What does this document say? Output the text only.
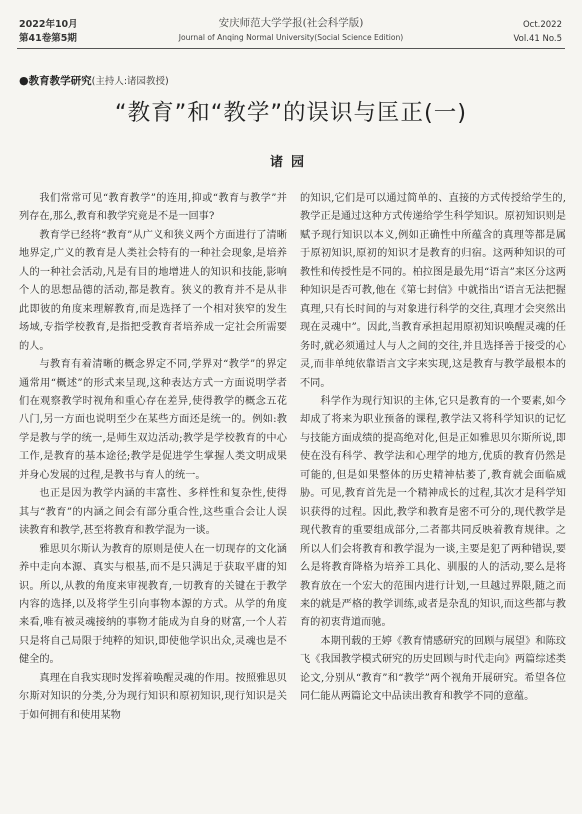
2022年10月
第41卷第5期
安庆师范大学学报(社会科学版)
Journal of Anqing Normal University(Social Science Edition)
Oct.2022
Vol.41 No.5
●教育教学研究(主持人:诸园教授)
“教育”和“教学”的误识与匡正(一)
诸园

我们常常可见“教育教学”的连用,抑或“教育与教学”并列存在,那么,教育和教学究竟是不是一回事?

教育学已经将“教育”从广义和狭义两个方面进行了清晰地界定,广义的教育是人类社会特有的一种社会现象,是培养人的一种社会活动,凡是有目的地增进人的知识和技能,影响个人的思想品德的活动,都是教育。狭义的教育并不是从非此即彼的角度来理解教育,而是选择了一个相对狭窄的发生场域,专指学校教育,是指把受教育者培养成一定社会所需要的人。

与教育有着清晰的概念界定不同,学界对“教学”的界定通常用“概述”的形式来呈现,这种表达方式一方面说明学者们在观察教学时视角和重心存在差异,使得教学的概念五花八门,另一方面也说明至少在某些方面还是统一的。例如:教学是教与学的统一,是师生双边活动;教学是学校教育的中心工作,是教育的基本途径;教学是促进学生掌握人类文明成果并身心发展的过程,是教书与育人的统一。

也正是因为教学内涵的丰富性、多样性和复杂性,使得其与“教育”的内涵之间会有部分重合性,这些重合会让人误读教育和教学,甚至将教育和教学混为一谈。

雅思贝尔斯认为教育的原则是使人在一切现存的文化涵养中走向本源、真实与根基,而不是只满足于获取平庸的知识。所以,从教的角度来审视教育,一切教育的关键在于教学内容的选择,以及将学生引向事物本源的方式。从学的角度来看,唯有被灵魂接纳的事物才能成为自身的财富,一个人若只是将自己局限于纯粹的知识,即使他学识出众,灵魂也是不健全的。

真理在自我实现时发挥着唤醒灵魂的作用。按照雅思贝尔斯对知识的分类,分为现行知识和原初知识,现行知识是关于如何拥有和使用某物

的知识,它们是可以通过简单的、直接的方式传授给学生的,教学正是通过这种方式传递给学生科学知识。原初知识则是赋予现行知识以本义,例如正确性中所蕴含的真理等都是属于原初知识,原初的知识才是教育的归宿。这两种知识的可教性和传授性是不同的。柏拉图是最先用“语言”来区分这两种知识是否可教,他在《第七封信》中就指出“语言无法把握真理,只有长时间的与对象进行科学的交往,真理才会突然出现在灵魂中”。因此,当教育承担起用原初知识唤醒灵魂的任务时,就必须通过人与人之间的交往,并且选择善于接受的心灵,而非单纯依靠语言文字来实现,这是教育与教学最根本的不同。

科学作为现行知识的主体,它只是教育的一个要素,如今却成了将来为职业预备的课程,教学法又将科学知识的记忆与技能方面成绩的提高绝对化,但是正如雅思贝尔斯所说,即使在没有科学、教学法和心理学的地方,优质的教育仍然是可能的,但是如果整体的历史精神枯萎了,教育就会面临威胁。可见,教育首先是一个精神成长的过程,其次才是科学知识获得的过程。因此,教学和教育是密不可分的,现代教学是现代教育的重要组成部分,二者都共同反映着教育规律。之所以人们会将教育和教学混为一谈,主要是犯了两种错误,要么是将教育降格为培养工具化、驯服的人的活动,要么是将教育放在一个宏大的范围内进行计划,一旦越过界限,随之而来的就是严格的教学训练,或者是杂乱的知识,而这些都与教育的初衷背道而驰。

本期刊载的王婷《教育情感研究的回顾与展望》和陈玟飞《我国教学模式研究的历史回顾与时代走向》两篇综述类论文,分别从“教育”和“教学”两个视角开展研究。希望各位同仁能从两篇论文中品读出教育和教学不同的意蕴。
